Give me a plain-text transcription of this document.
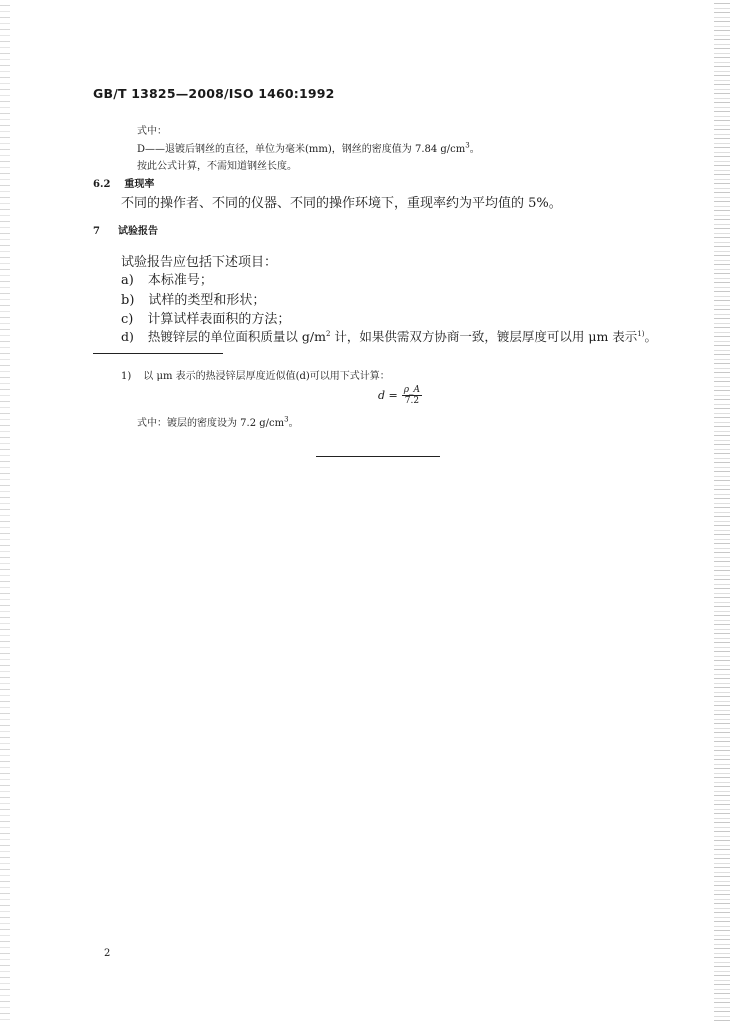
GB/T 13825—2008/ISO 1460:1992
式中：
D——退镀后钢丝的直径，单位为毫米(mm)，钢丝的密度值为 7.84 $g/cm^3$。
按此公式计算，不需知道钢丝长度。
6.2 重现率
不同的操作者、不同的仪器、不同的操作环境下，重现率约为平均值的 5%。
7 试验报告
试验报告应包括下述项目：
a) 本标准号；
b) 试样的类型和形状；
c) 计算试样表面积的方法；
d) 热镀锌层的单位面积质量以 $g/m^2$ 计，如果供需双方协商一致，镀层厚度可以用 μm 表示$^{1)}$。
1) 以 μm 表示的热浸锌层厚度近似值(d)可以用下式计算：
$d = \frac{\rho\_A}{7.2}$
式中：镀层的密度设为 7.2 $g/cm^3$。
2
